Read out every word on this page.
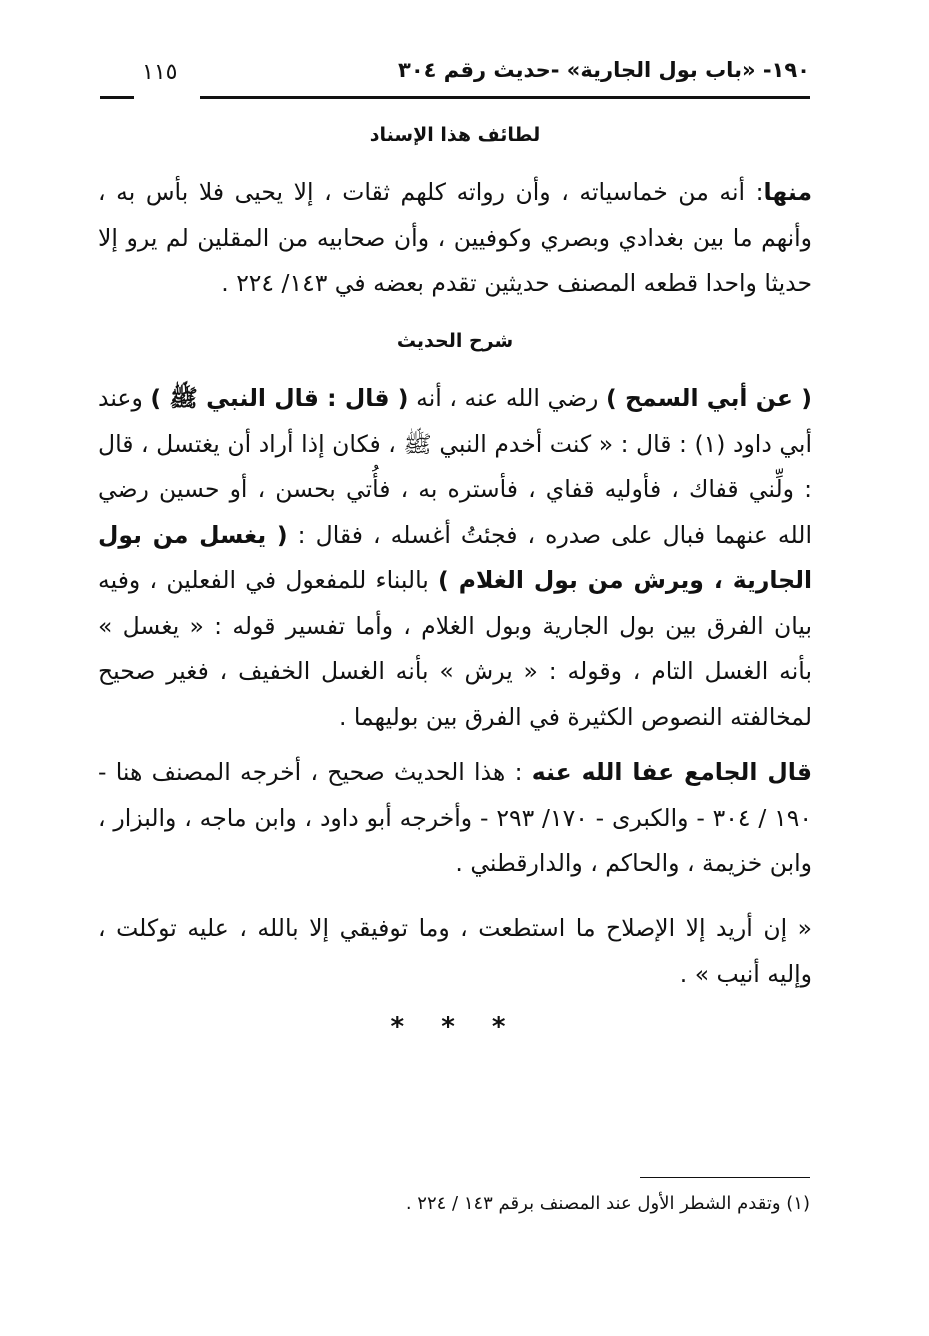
١٩٠- «باب بول الجارية» -حديث رقم ٣٠٤
١١٥
لطائف هذا الإسناد

منها: أنه من خماسياته ، وأن رواته كلهم ثقات ، إلا يحيى فلا بأس به ، وأنهم ما بين بغدادي وبصري وكوفيين ، وأن صحابيه من المقلين لم يرو إلا حديثا واحدا قطعه المصنف حديثين تقدم بعضه في ١٤٣/ ٢٢٤ .

شرح الحديث

( عن أبي السمح ) رضي الله عنه ، أنه ( قال : قال النبي ﷺ ) وعند أبي داود (١) : قال : « كنت أخدم النبي ﷺ ، فكان إذا أراد أن يغتسل ، قال : ولِّني قفاك ، فأوليه قفاي ، فأستره به ، فأُتي بحسن ، أو حسين رضي الله عنهما فبال على صدره ، فجئتُ أغسله ، فقال : ( يغسل من بول الجارية ، ويرش من بول الغلام ) بالبناء للمفعول في الفعلين ، وفيه بيان الفرق بين بول الجارية وبول الغلام ، وأما تفسير قوله : « يغسل » بأنه الغسل التام ، وقوله : « يرش » بأنه الغسل الخفيف ، فغير صحيح لمخالفته النصوص الكثيرة في الفرق بين بوليهما .

قال الجامع عفا الله عنه : هذا الحديث صحيح ، أخرجه المصنف هنا - ١٩٠ / ٣٠٤ - والكبرى - ١٧٠/ ٢٩٣ - وأخرجه أبو داود ، وابن ماجه ، والبزار ، وابن خزيمة ، والحاكم ، والدارقطني .

« إن أريد إلا الإصلاح ما استطعت ، وما توفيقي إلا بالله ، عليه توكلت ، وإليه أنيب » .

* * *
(١) وتقدم الشطر الأول عند المصنف برقم ١٤٣ / ٢٢٤ .
